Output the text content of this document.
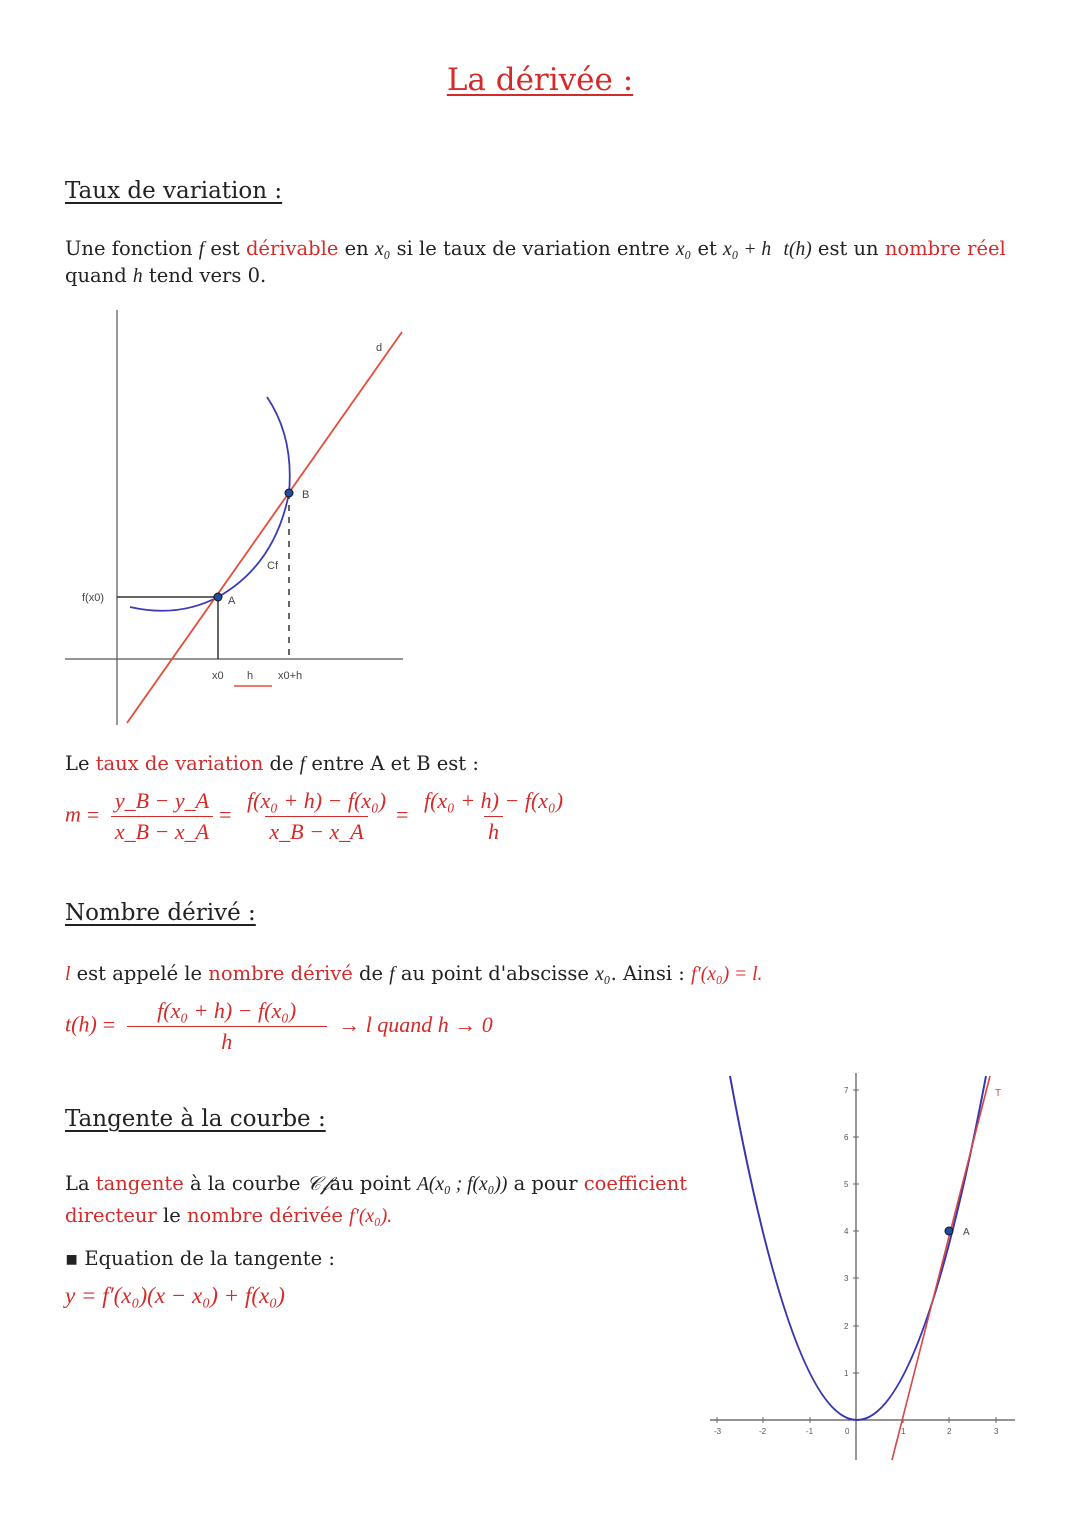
La dérivée :
Taux de variation :
Une fonction f est dérivable en x₀ si le taux de variation entre x₀ et x₀ + h t(h) est un nombre réel
quand h tend vers 0.
f(x0)	A
B
Cf
d
x0 h x0+h
Le taux de variation de f entre A et B est :
$m = \frac{y\_B - y\_A}{x\_B - x\_A} = \frac{\text{f(x₀ + h) − f(x₀)}}{x\_B - x\_A} = \frac{\text{f(x₀ + h) − f(x₀)}}{h}$
Nombre dérivé :
l est appelé le nombre dérivé de f au point d'abscisse x₀. Ainsi : f′(x₀) = l.
$t(h) = \frac{\text{f(x₀ + h) − f(x₀)}}{h} \to l$ quand h → 0
Tangente à la courbe :
La tangente à la courbe 𝒞𝒻au point A(x₀ ; f(x₀)) a pour coefficient
directeur le nombre dérivée f′(x₀).
▪ Equation de la tangente :
y = f′(x₀)(x − x₀) + f(x₀)
-3	-2	-1	0	1	2	3
1
2
3
4
5
6
7
A
T
